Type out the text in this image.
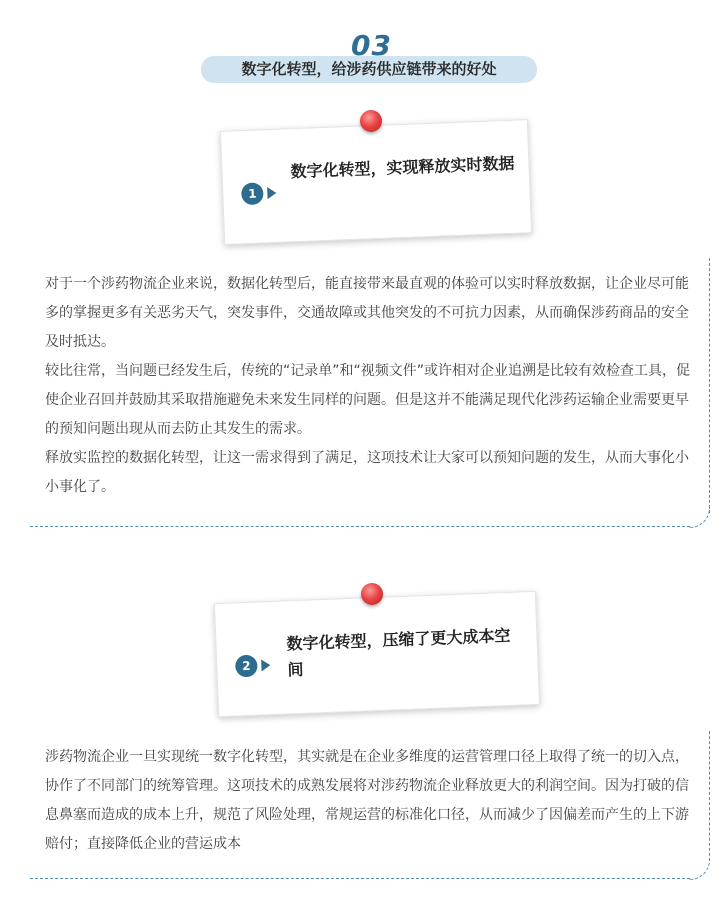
03
数字化转型，给涉药供应链带来的好处
1
数字化转型，实现释放实时数据

对于一个涉药物流企业来说，数据化转型后，能直接带来最直观的体验可以实时释放数据，让企业尽可能多的掌握更多有关恶劣天气，突发事件，交通故障或其他突发的不可抗力因素，从而确保涉药商品的安全及时抵达。

较比往常，当问题已经发生后，传统的“记录单”和“视频文件”或许相对企业追溯是比较有效检查工具，促使企业召回并鼓励其采取措施避免未来发生同样的问题。但是这并不能满足现代化涉药运输企业需要更早的预知问题出现从而去防止其发生的需求。

释放实监控的数据化转型，让这一需求得到了满足，这项技术让大家可以预知问题的发生，从而大事化小小事化了。

2
数字化转型，压缩了更大成本空间

涉药物流企业一旦实现统一数字化转型，其实就是在企业多维度的运营管理口径上取得了统一的切入点，协作了不同部门的统筹管理。这项技术的成熟发展将对涉药物流企业释放更大的利润空间。因为打破的信息鼻塞而造成的成本上升，规范了风险处理，常规运营的标准化口径，从而减少了因偏差而产生的上下游赔付；直接降低企业的营运成本
